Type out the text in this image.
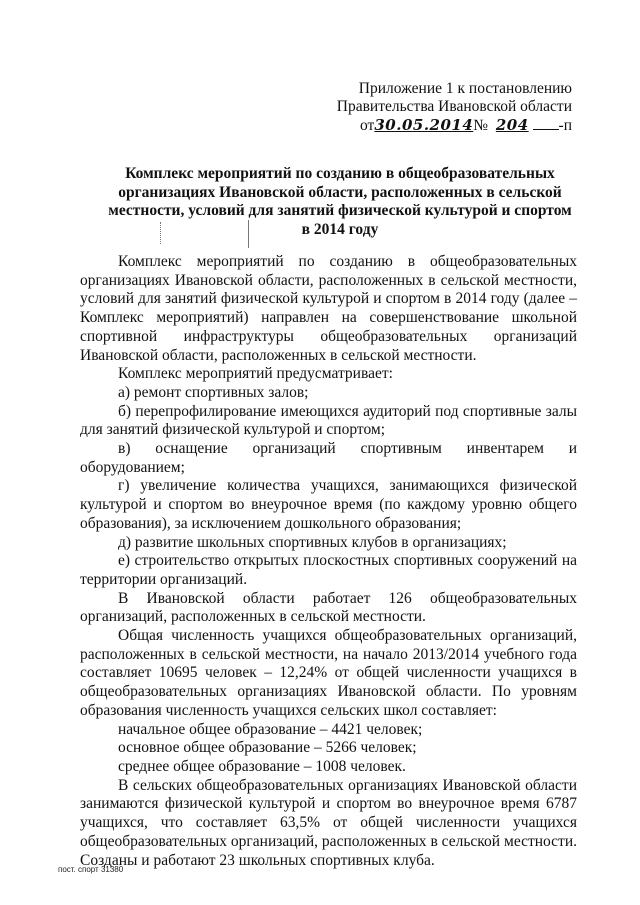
Приложение 1 к постановлению
Правительства Ивановской области
от30.05.2014№ 204 -п
Комплекс мероприятий по созданию в общеобразовательных
организациях Ивановской области, расположенных в сельской
местности, условий для занятий физической культурой и спортом
в 2014 году

Комплекс мероприятий по созданию в общеобразовательных организациях Ивановской области, расположенных в сельской местности, условий для занятий физической культурой и спортом в 2014 году (далее – Комплекс мероприятий) направлен на совершенствование школьной спортивной инфраструктуры общеобразовательных организаций Ивановской области, расположенных в сельской местности.

Комплекс мероприятий предусматривает:

а) ремонт спортивных залов;

б) перепрофилирование имеющихся аудиторий под спортивные залы для занятий физической культурой и спортом;

в) оснащение организаций спортивным инвентарем и оборудованием;

г) увеличение количества учащихся, занимающихся физической культурой и спортом во внеурочное время (по каждому уровню общего образования), за исключением дошкольного образования;

д) развитие школьных спортивных клубов в организациях;

е) строительство открытых плоскостных спортивных сооружений на территории организаций.

В Ивановской области работает 126 общеобразовательных организаций, расположенных в сельской местности.

Общая численность учащихся общеобразовательных организаций, расположенных в сельской местности, на начало 2013/2014 учебного года составляет 10695 человек – 12,24% от общей численности учащихся в общеобразовательных организациях Ивановской области. По уровням образования численность учащихся сельских школ составляет:

начальное общее образование – 4421 человек;

основное общее образование – 5266 человек;

среднее общее образование – 1008 человек.

В сельских общеобразовательных организациях Ивановской области занимаются физической культурой и спортом во внеурочное время 6787 учащихся, что составляет 63,5% от общей численности учащихся общеобразовательных организаций, расположенных в сельской местности. Созданы и работают 23 школьных спортивных клуба.

пост. спорт 31380
